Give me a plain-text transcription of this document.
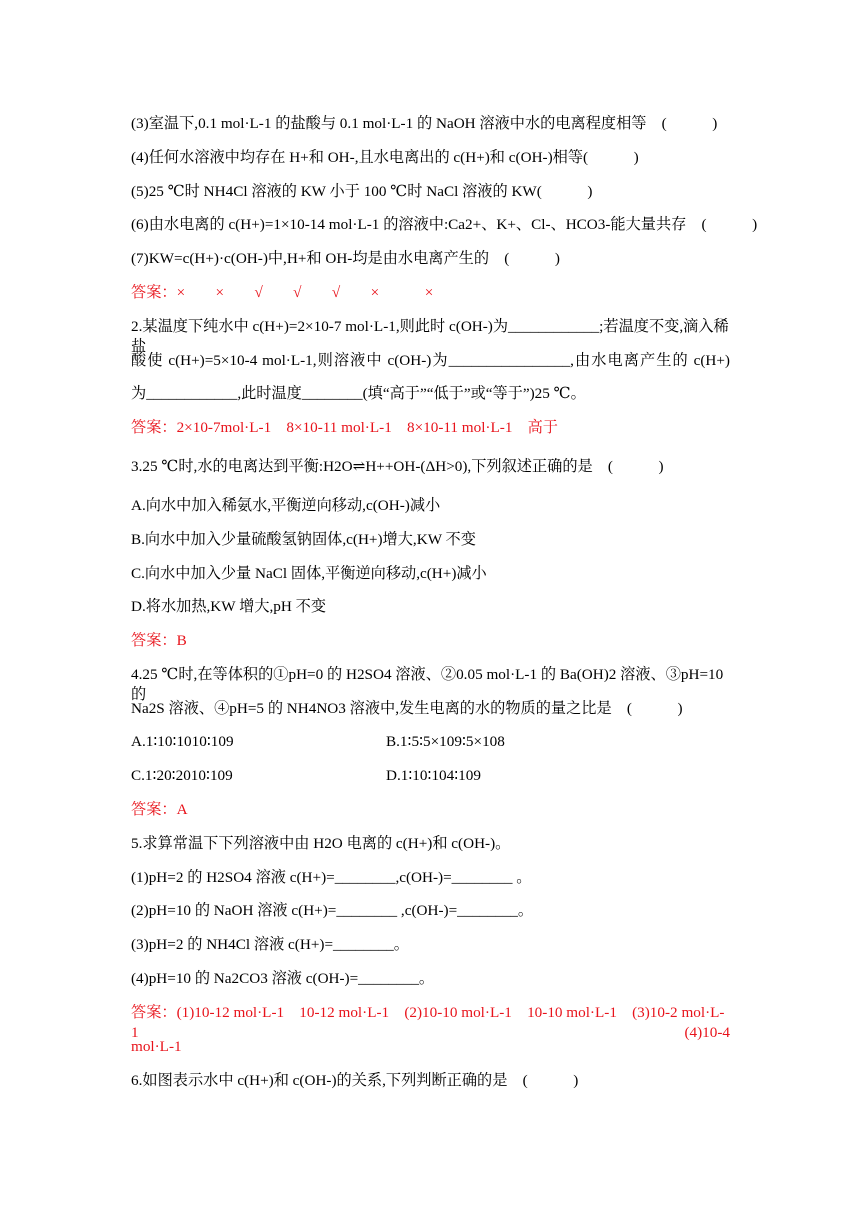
(3)室温下,0.1 mol·L-1 的盐酸与 0.1 mol·L-1 的 NaOH 溶液中水的电离程度相等　(　　　)
(4)任何水溶液中均存在 H+和 OH-,且水电离出的 c(H+)和 c(OH-)相等(　　　)
(5)25 ℃时 NH4Cl 溶液的 KW 小于 100 ℃时 NaCl 溶液的 KW(　　　)
(6)由水电离的 c(H+)=1×10-14 mol·L-1 的溶液中:Ca2+、K+、Cl-、HCO3-能大量共存　(　　　)
(7)KW=c(H+)·c(OH-)中,H+和 OH-均是由水电离产生的　(　　　)
答案：×　　×　　√　　√　　√　　×　　　×
2.某温度下纯水中 c(H+)=2×10-7 mol·L-1,则此时 c(OH-)为____________;若温度不变,滴入稀盐
酸使 c(H+)=5×10-4 mol·L-1,则溶液中 c(OH-)为________________,由水电离产生的 c(H+)
为____________,此时温度________(填“高于”“低于”或“等于”)25 ℃。
答案：2×10-7mol·L-1　8×10-11 mol·L-1　8×10-11 mol·L-1　高于
3.25 ℃时,水的电离达到平衡:H2O⇌H++OH-(ΔH>0),下列叙述正确的是　(　　　)
A.向水中加入稀氨水,平衡逆向移动,c(OH-)减小
B.向水中加入少量硫酸氢钠固体,c(H+)增大,KW 不变
C.向水中加入少量 NaCl 固体,平衡逆向移动,c(H+)减小
D.将水加热,KW 增大,pH 不变
答案：B
4.25 ℃时,在等体积的①pH=0 的 H2SO4 溶液、②0.05 mol·L-1 的 Ba(OH)2 溶液、③pH=10 的
Na2S 溶液、④pH=5 的 NH4NO3 溶液中,发生电离的水的物质的量之比是　(　　　)
A.1∶10∶1010∶109	B.1∶5∶5×109∶5×108
C.1∶20∶2010∶109	D.1∶10∶104∶109
答案：A
5.求算常温下下列溶液中由 H2O 电离的 c(H+)和 c(OH-)。
(1)pH=2 的 H2SO4 溶液 c(H+)=________,c(OH-)=________ 。
(2)pH=10 的 NaOH 溶液 c(H+)=________ ,c(OH-)=________。
(3)pH=2 的 NH4Cl 溶液 c(H+)=________。
(4)pH=10 的 Na2CO3 溶液 c(OH-)=________。
答案：(1)10-12 mol·L-1　10-12 mol·L-1　(2)10-10 mol·L-1　10-10 mol·L-1　(3)10-2 mol·L-1　(4)10-4
mol·L-1
6.如图表示水中 c(H+)和 c(OH-)的关系,下列判断正确的是　(　　　)
